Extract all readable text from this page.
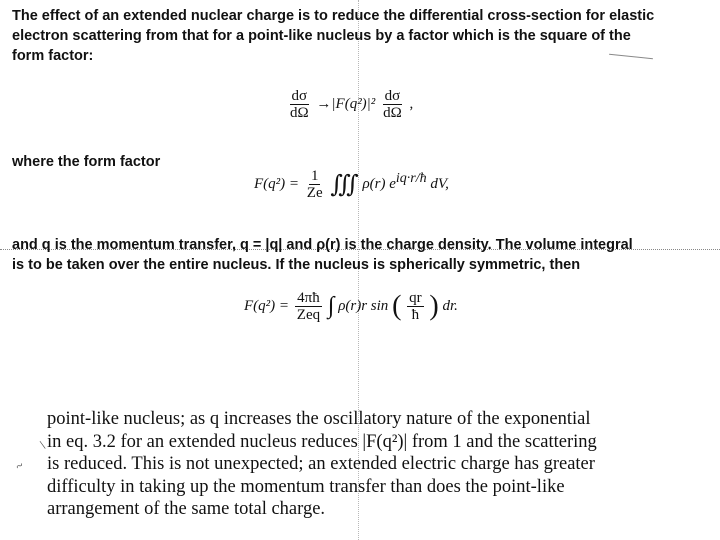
The effect of an extended nuclear charge is to reduce the differential cross-section for elastic
electron scattering from that for a point-like nucleus by a factor which is the square of the
form factor:
$\frac{d\sigma}{d\Omega} \to|F(q^2)|^2 \frac{d\sigma}{d\Omega}$ ,
where the form factor
$F(q^2) = \frac{1}{Ze}$ ∭ ρ(r) $e^{iq\cdot r/ħ}$ dV,
and q is the momentum transfer, q = |q| and ρ(r) is the charge density. The volume integral
is to be taken over the entire nucleus. If the nucleus is spherically symmetric, then
$F(q^2) = \frac{4\pi ħ}{\text{Zeq}}$ ∫ ρ(r)r sin ( $\frac{qr}{ħ}$ ) dr.
point-like nucleus; as q increases the oscillatory nature of the exponential
in eq. 3.2 for an extended nucleus reduces |F(q²)| from 1 and the scattering
is reduced. This is not unexpected; an extended electric charge has greater
difficulty in taking up the momentum transfer than does the point-like
arrangement of the same total charge.
~
/
